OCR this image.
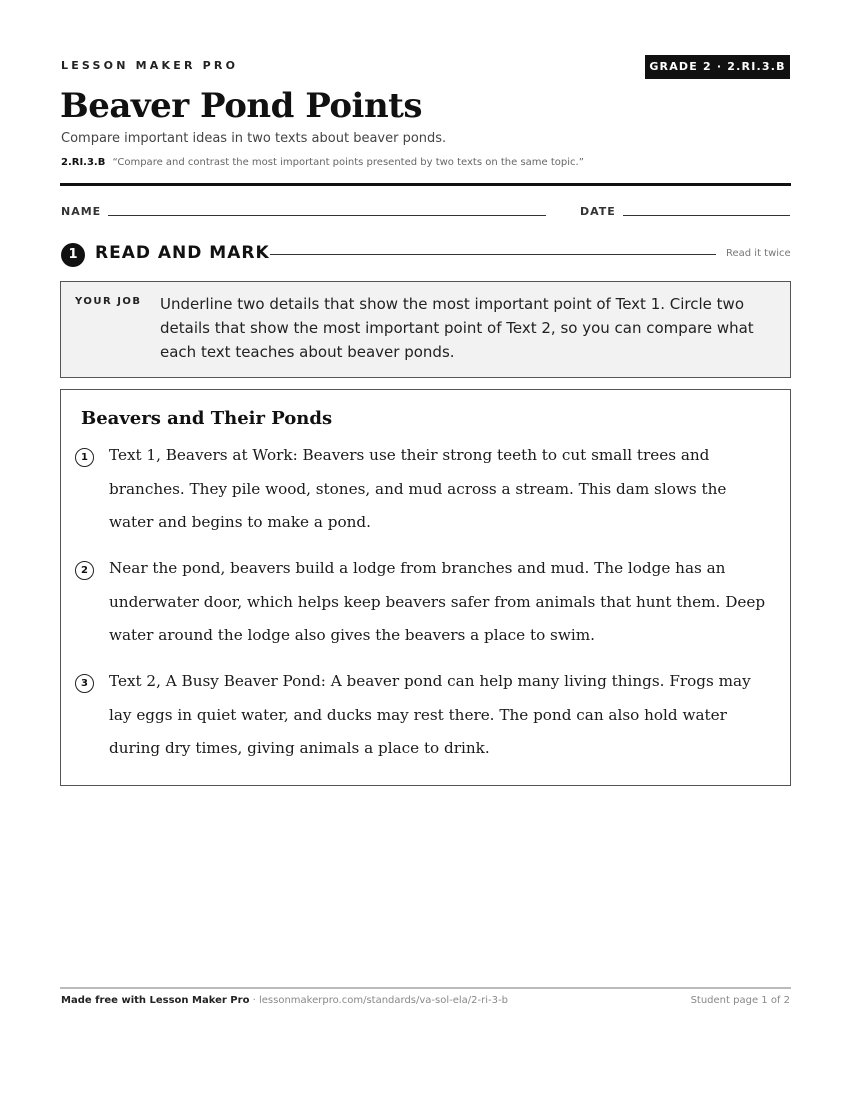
LESSON MAKER PRO	GRADE 2 · 2.RI.3.B
Beaver Pond Points
Compare important ideas in two texts about beaver ponds.
2.RI.3.B “Compare and contrast the most important points presented by two texts on the same topic.”
NAME	DATE
1	READ AND MARK	Read it twice
YOUR JOB Underline two details that show the most important point of Text 1. Circle two details that show the most important point of Text 2, so you can compare what each text teaches about beaver ponds.
Beavers and Their Ponds
1	Text 1, Beavers at Work: Beavers use their strong teeth to cut small trees and branches. They pile wood, stones, and mud across a stream. This dam slows the water and begins to make a pond.
2	Near the pond, beavers build a lodge from branches and mud. The lodge has an underwater door, which helps keep beavers safer from animals that hunt them. Deep water around the lodge also gives the beavers a place to swim.
3	Text 2, A Busy Beaver Pond: A beaver pond can help many living things. Frogs may lay eggs in quiet water, and ducks may rest there. The pond can also hold water during dry times, giving animals a place to drink.
Made free with Lesson Maker Pro · lessonmakerpro.com/standards/va-sol-ela/2-ri-3-b	Student page 1 of 2
